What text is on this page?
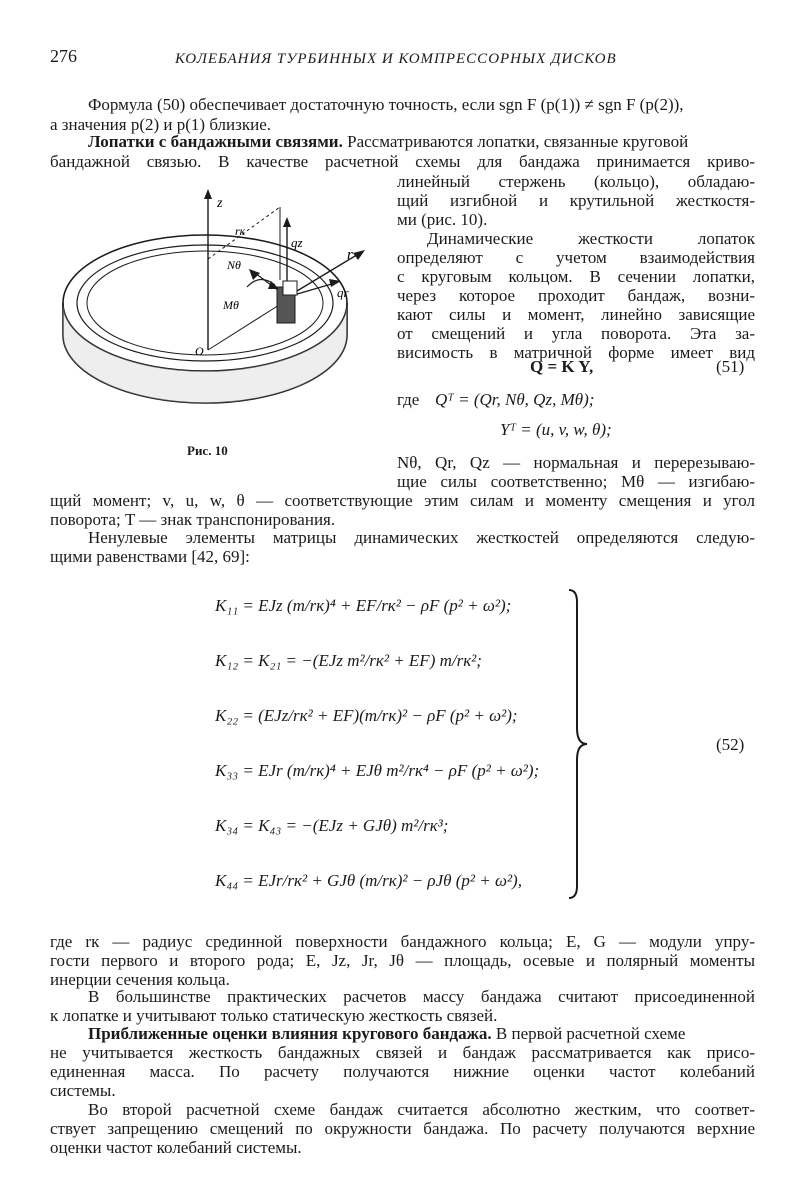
276	КОЛЕБАНИЯ ТУРБИННЫХ И КОМПРЕССОРНЫХ ДИСКОВ
Формула (50) обеспечивает достаточную точность, если sgn F (p(1)) ≠ sgn F (p(2)),
а значения p(2) и p(1) близкие.
Лопатки с бандажными связями. Рассматриваются лопатки, связанные круговой
бандажной связью. В качестве расчетной схемы для бандажа принимается криво-
линейный стержень (кольцо), обладаю-
щий изгибной и крутильной жесткостя-
ми (рис. 10).
Динамические жесткости лопаток
определяют с учетом взаимодействия
с круговым кольцом. В сечении лопатки,
через которое проходит бандаж, возни-
кают силы и момент, линейно зависящие
от смещений и угла поворота. Эта за-
висимость в матричной форме имеет вид
z
rк
qz
Nθ
r
qr
Mθ
O
Рис. 10
Q = K Y,	(51)
где Qᵀ = (Qr, Nθ, Qz, Mθ);
Yᵀ = (u, v, w, θ);
Nθ, Qr, Qz — нормальная и перерезываю-
щие силы соответственно; Mθ — изгибаю-
щий момент; v, u, w, θ — соответствующие этим силам и моменту смещения и угол
поворота; T — знак транспонирования.
Ненулевые элементы матрицы динамических жесткостей определяются следую-
щими равенствами [42, 69]:
K₁₁ = EJz (m/rк)⁴ + EF/rк² − ρF (p² + ω²);
K₁₂ = K₂₁ = −(EJz m²/rк² + EF) m/rк²;
K₂₂ = (EJz/rк² + EF)(m/rк)² − ρF (p² + ω²);
K₃₃ = EJr (m/rк)⁴ + EJθ m²/rк⁴ − ρF (p² + ω²);
K₃₄ = K₄₃ = −(EJz + GJθ) m²/rк³;
K₄₄ = EJr/rк² + GJθ (m/rк)² − ρJθ (p² + ω²),
(52)
где rк — радиус срединной поверхности бандажного кольца; E, G — модули упру-
гости первого и второго рода; E, Jz, Jr, Jθ — площадь, осевые и полярный моменты
инерции сечения кольца.
В большинстве практических расчетов массу бандажа считают присоединенной
к лопатке и учитывают только статическую жесткость связей.
Приближенные оценки влияния кругового бандажа. В первой расчетной схеме
не учитывается жесткость бандажных связей и бандаж рассматривается как присо-
единенная масса. По расчету получаются нижние оценки частот колебаний
системы.
Во второй расчетной схеме бандаж считается абсолютно жестким, что соответ-
ствует запрещению смещений по окружности бандажа. По расчету получаются верхние
оценки частот колебаний системы.
